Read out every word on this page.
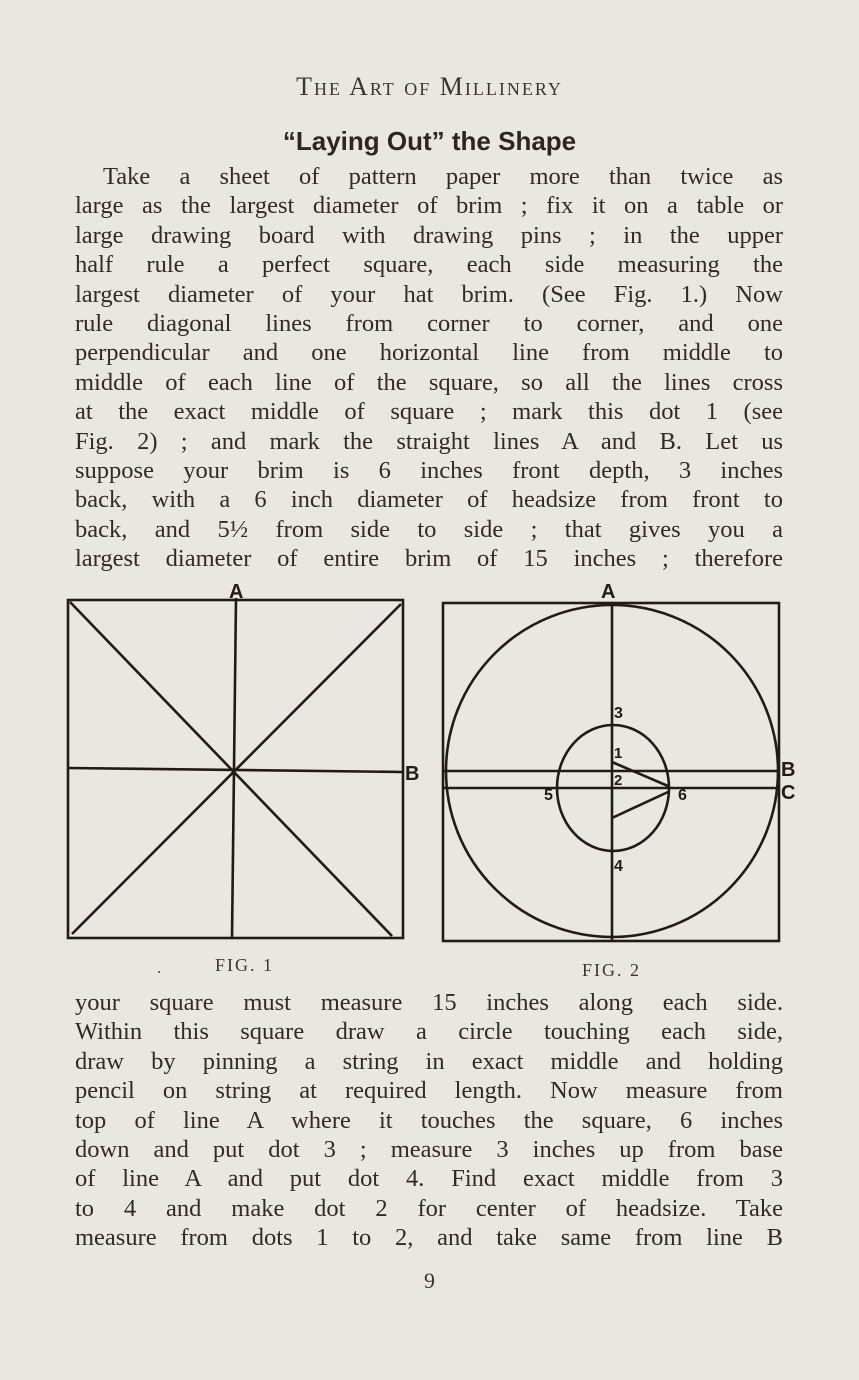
The Art of Millinery
“Laying Out” the Shape
Take a sheet of pattern paper more than twice as
large as the largest diameter of brim ; fix it on a table or
large drawing board with drawing pins ; in the upper
half rule a perfect square, each side measuring the
largest diameter of your hat brim. (See Fig. 1.) Now
rule diagonal lines from corner to corner, and one
perpendicular and one horizontal line from middle to
middle of each line of the square, so all the lines cross
at the exact middle of square ; mark this dot 1 (see
Fig. 2) ; and mark the straight lines A and B. Let us
suppose your brim is 6 inches front depth, 3 inches
back, with a 6 inch diameter of headsize from front to
back, and 5½ from side to side ; that gives you a
largest diameter of entire brim of 15 inches ; therefore
A
B
A
B
C
3
1
2
5	6
4
.	FIG. 1	FIG. 2
your square must measure 15 inches along each side.
Within this square draw a circle touching each side,
draw by pinning a string in exact middle and holding
pencil on string at required length. Now measure from
top of line A where it touches the square, 6 inches
down and put dot 3 ; measure 3 inches up from base
of line A and put dot 4. Find exact middle from 3
to 4 and make dot 2 for center of headsize. Take
measure from dots 1 to 2, and take same from line B
9
